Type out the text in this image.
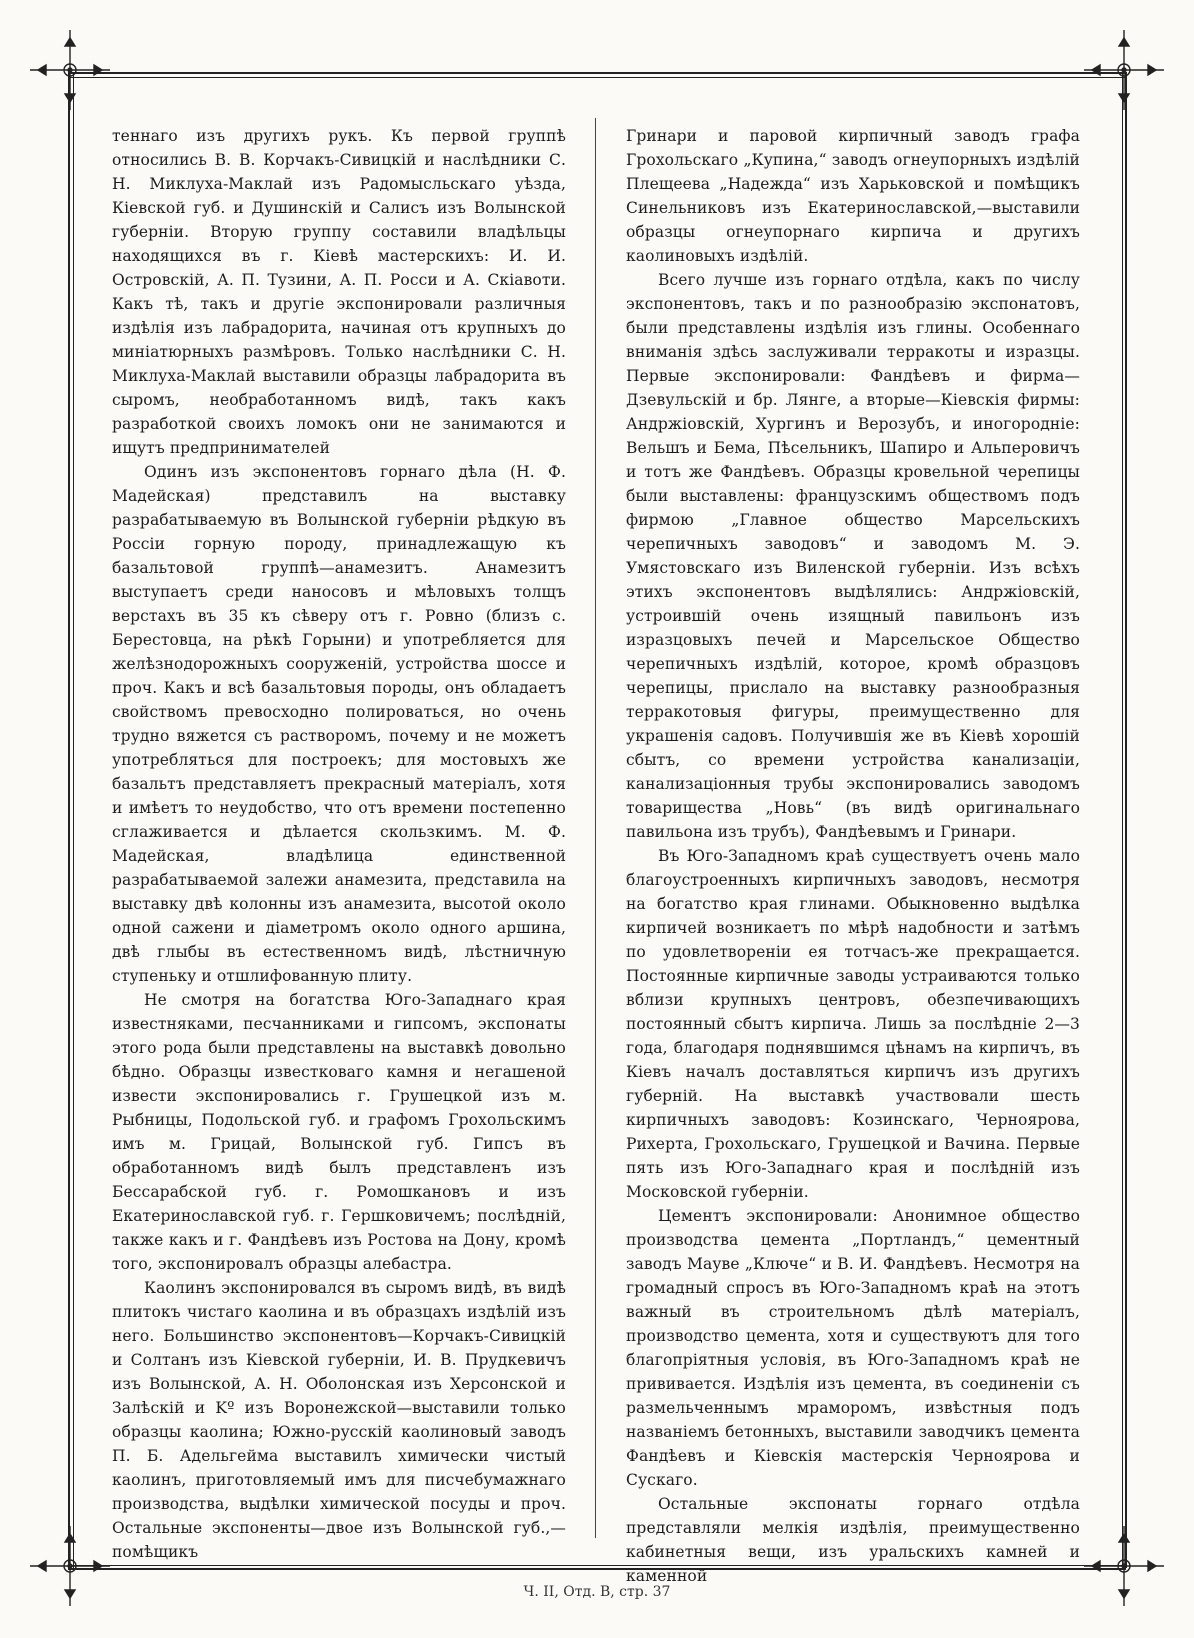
теннаго изъ другихъ рукъ. Къ первой группѣ относились В. В. Корчакъ-Сивицкій и наслѣдники С. Н. Миклуха-Маклай изъ Радомысльскаго уѣзда, Кіевской губ. и Душинскій и Салисъ изъ Волынской губерніи. Вторую группу составили владѣльцы находящихся въ г. Кіевѣ мастерскихъ: И. И. Островскій, А. П. Тузини, А. П. Росси и А. Скіавоти. Какъ тѣ, такъ и другіе экспонировали различныя издѣлія изъ лабрадорита, начиная отъ крупныхъ до миніатюрныхъ размѣровъ. Только наслѣдники С. Н. Миклуха-Маклай выставили образцы лабрадорита въ сыромъ, необработанномъ видѣ, такъ какъ разработкой своихъ ломокъ они не занимаются и ищутъ предпринимателей

Одинъ изъ экспонентовъ горнаго дѣла (Н. Ф. Мадейская) представилъ на выставку разрабатываемую въ Волынской губерніи рѣдкую въ Россіи горную породу, принадлежащую къ базальтовой группѣ—анамезитъ. Анамезитъ выступаетъ среди наносовъ и мѣловыхъ толщъ верстахъ въ 35 къ сѣверу отъ г. Ровно (близъ с. Берестовца, на рѣкѣ Горыни) и употребляется для желѣзнодорожныхъ сооруженій, устройства шоссе и проч. Какъ и всѣ базальтовыя породы, онъ обладаетъ свойствомъ превосходно полироваться, но очень трудно вяжется съ растворомъ, почему и не можетъ употребляться для построекъ; для мостовыхъ же базальтъ представляетъ прекрасный матеріалъ, хотя и имѣетъ то неудобство, что отъ времени постепенно сглаживается и дѣлается скользкимъ. М. Ф. Мадейская, владѣлица единственной разрабатываемой залежи анамезита, представила на выставку двѣ колонны изъ анамезита, высотой около одной сажени и діаметромъ около одного аршина, двѣ глыбы въ естественномъ видѣ, лѣстничную ступеньку и отшлифованную плиту.

Не смотря на богатства Юго-Западнаго края известняками, песчанниками и гипсомъ, экспонаты этого рода были представлены на выставкѣ довольно бѣдно. Образцы известковаго камня и негашеной извести экспонировались г. Грушецкой изъ м. Рыбницы, Подольской губ. и графомъ Грохольскимъ имъ м. Грицай, Волынской губ. Гипсъ въ обработанномъ видѣ былъ представленъ изъ Бессарабской губ. г. Ромошкановъ и изъ Екатеринославской губ. г. Гершковичемъ; послѣдній, также какъ и г. Фандѣевъ изъ Ростова на Дону, кромѣ того, экспонировалъ образцы алебастра.

Каолинъ экспонировался въ сыромъ видѣ, въ видѣ плитокъ чистаго каолина и въ образцахъ издѣлій изъ него. Большинство экспонентовъ—Корчакъ-Сивицкій и Солтанъ изъ Кіевской губерніи, И. В. Прудкевичъ изъ Волынской, А. Н. Оболонская изъ Херсонской и Залѣскій и Kº изъ Воронежской—выставили только образцы каолина; Южно-русскій каолиновый заводъ П. Б. Адельгейма выставилъ химически чистый каолинъ, приготовляемый имъ для писчебумажнаго производства, выдѣлки химической посуды и проч. Остальные экспоненты—двое изъ Волынской губ.,—помѣщикъ

Гринари и паровой кирпичный заводъ графа Грохольскаго „Купина,“ заводъ огнеупорныхъ издѣлій Плещеева „Надежда“ изъ Харьковской и помѣщикъ Синельниковъ изъ Екатеринославской,—выставили образцы огнеупорнаго кирпича и другихъ каолиновыхъ издѣлій.

Всего лучше изъ горнаго отдѣла, какъ по числу экспонентовъ, такъ и по разнообразію экспонатовъ, были представлены издѣлія изъ глины. Особеннаго вниманія здѣсь заслуживали терракоты и изразцы. Первые экспонировали: Фандѣевъ и фирма—Дзевульскій и бр. Лянге, а вторые—Кіевскія фирмы: Андржіовскій, Хургинъ и Верозубъ, и иногородніе: Вельшъ и Бема, Пѣсельникъ, Шапиро и Альперовичъ и тотъ же Фандѣевъ. Образцы кровельной черепицы были выставлены: французскимъ обществомъ подъ фирмою „Главное общество Марсельскихъ черепичныхъ заводовъ“ и заводомъ М. Э. Умястовскаго изъ Виленской губерніи. Изъ всѣхъ этихъ экспонентовъ выдѣлялись: Андржіовскій, устроившій очень изящный павильонъ изъ изразцовыхъ печей и Марсельское Общество черепичныхъ издѣлій, которое, кромѣ образцовъ черепицы, прислало на выставку разнообразныя терракотовыя фигуры, преимущественно для украшенія садовъ. Получившія же въ Кіевѣ хорошій сбытъ, со времени устройства канализаціи, канализаціонныя трубы экспонировались заводомъ товарищества „Новь“ (въ видѣ оригинальнаго павильона изъ трубъ), Фандѣевымъ и Гринари.

Въ Юго-Западномъ краѣ существуетъ очень мало благоустроенныхъ кирпичныхъ заводовъ, несмотря на богатство края глинами. Обыкновенно выдѣлка кирпичей возникаетъ по мѣрѣ надобности и затѣмъ по удовлетвореніи ея тотчасъ-же прекращается. Постоянные кирпичные заводы устраиваются только вблизи крупныхъ центровъ, обезпечивающихъ постоянный сбытъ кирпича. Лишь за послѣдніе 2—3 года, благодаря поднявшимся цѣнамъ на кирпичъ, въ Кіевъ началъ доставляться кирпичъ изъ другихъ губерній. На выставкѣ участвовали шесть кирпичныхъ заводовъ: Козинскаго, Черноярова, Рихерта, Грохольскаго, Грушецкой и Вачина. Первые пять изъ Юго-Западнаго края и послѣдній изъ Московской губерніи.

Цементъ экспонировали: Анонимное общество производства цемента „Портландъ,“ цементный заводъ Мауве „Ключе“ и В. И. Фандѣевъ. Несмотря на громадный спросъ въ Юго-Западномъ краѣ на этотъ важный въ строительномъ дѣлѣ матеріалъ, производство цемента, хотя и существуютъ для того благопріятныя условія, въ Юго-Западномъ краѣ не прививается. Издѣлія изъ цемента, въ соединеніи съ размельченнымъ мраморомъ, извѣстныя подъ названіемъ бетонныхъ, выставили заводчикъ цемента Фандѣевъ и Кіевскія мастерскія Черноярова и Сускаго.

Остальные экспонаты горнаго отдѣла представляли мелкія издѣлія, преимущественно кабинетныя вещи, изъ уральскихъ камней и каменной

Ч. II, Отд. В, стр. 37
